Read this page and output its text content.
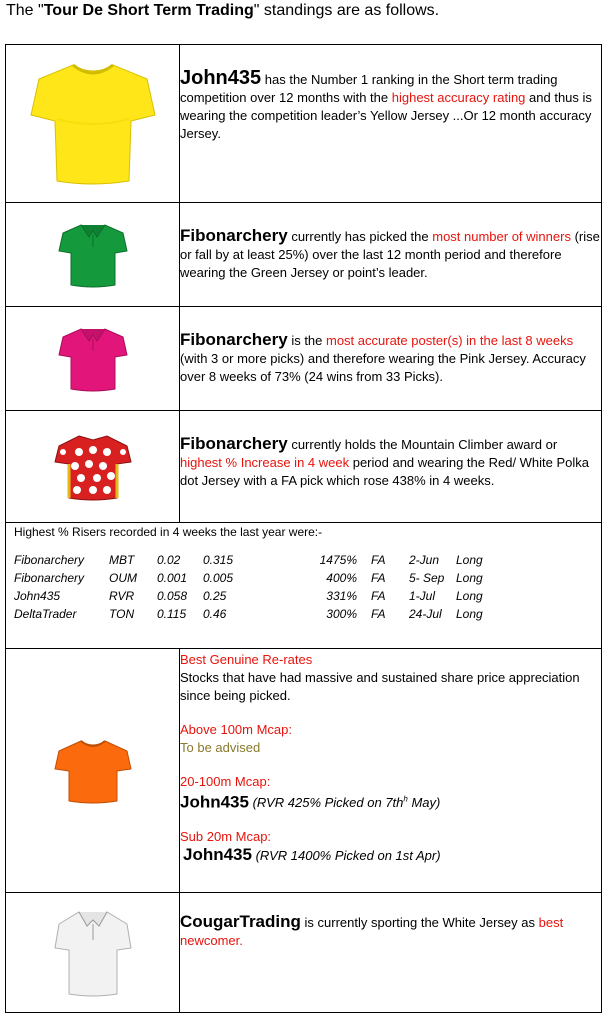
The "Tour De Short Term Trading" standings are as follows.

John435 has the Number 1 ranking in the Short term trading competition over 12 months with the highest accuracy rating and thus is wearing the competition leader’s Yellow Jersey ...Or 12 month accuracy Jersey.

Fibonarchery currently has picked the most number of winners (rise or fall by at least 25%) over the last 12 month period and therefore wearing the Green Jersey or point’s leader.

Fibonarchery is the most accurate poster(s) in the last 8 weeks (with 3 or more picks) and therefore wearing the Pink Jersey. Accuracy over 8 weeks of 73% (24 wins from 33 Picks).

Fibonarchery currently holds the Mountain Climber award or highest % Increase in 4 week period and wearing the Red/ White Polka dot Jersey with a FA pick which rose 438% in 4 weeks.

Highest % Risers recorded in 4 weeks the last year were:-
Fibonarchery	MBT	0.02	0.315	1475%	FA	2-Jun	Long
Fibonarchery	OUM	0.001	0.005	400%	FA	5- Sep	Long
John435	RVR	0.058	0.25	331%	FA	1-Jul	Long
DeltaTrader	TON	0.115	0.46	300%	FA	24-Jul	Long

Best Genuine Re-rates
Stocks that have had massive and sustained share price appreciation since being picked.
Above 100m Mcap:
To be advised
20-100m Mcap:
John435 (RVR 425% Picked on $7th^h$ May)
Sub 20m Mcap:
John435 (RVR 1400% Picked on 1st Apr)

CougarTrading is currently sporting the White Jersey as best newcomer.
